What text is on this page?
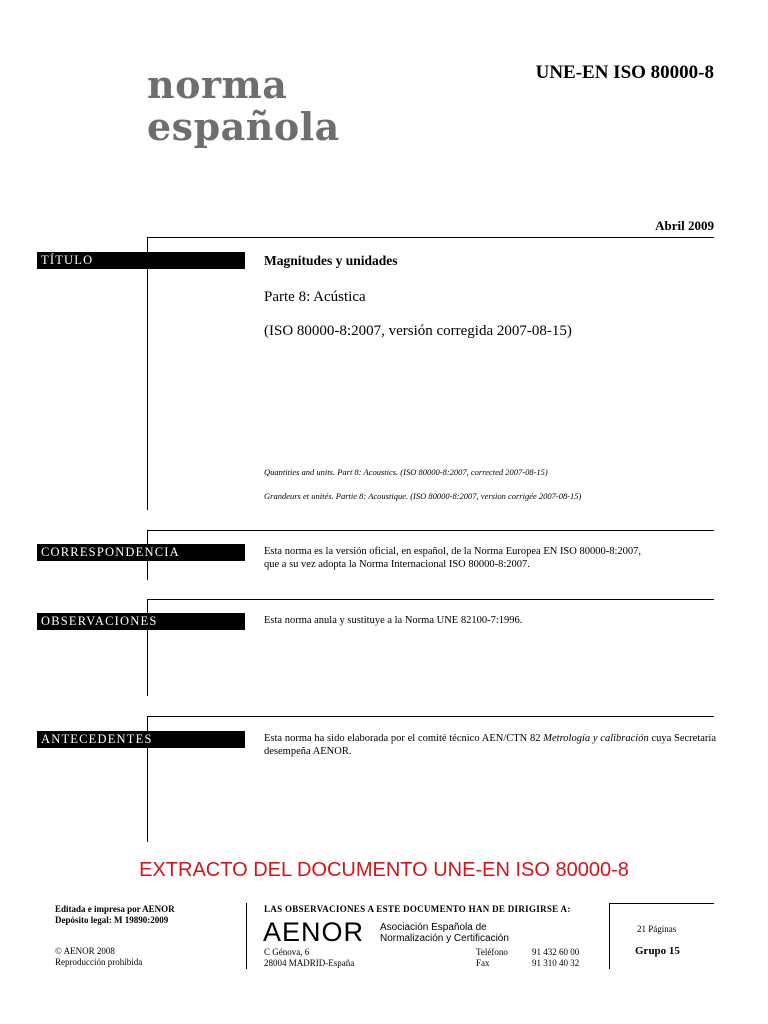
norma
española
UNE-EN ISO 80000-8
Abril 2009
TÍTULO	Magnitudes y unidades
Parte 8: Acústica
(ISO 80000-8:2007, versión corregida 2007-08-15)
Quantities and units. Part 8: Acoustics. (ISO 80000-8:2007, corrected 2007-08-15)
Grandeurs et unités. Partie 8: Acoustique. (ISO 80000-8:2007, version corrigée 2007-08-15)
CORRESPONDENCIA	Esta norma es la versión oficial, en español, de la Norma Europea EN ISO 80000-8:2007,
que a su vez adopta la Norma Internacional ISO 80000-8:2007.
OBSERVACIONES	Esta norma anula y sustituye a la Norma UNE 82100-7:1996.
ANTECEDENTES	Esta norma ha sido elaborada por el comité técnico AEN/CTN 82 Metrología y calibración cuya Secretaría desempeña AENOR.
EXTRACTO DEL DOCUMENTO UNE-EN ISO 80000-8
Editada e impresa por AENOR
Depósito legal: M 19890:2009
© AENOR 2008
Reproducción prohibida
LAS OBSERVACIONES A ESTE DOCUMENTO HAN DE DIRIGIRSE A:
AENOR Asociación Española de
Normalización y Certificación
C Génova, 6
28004 MADRID-España
Teléfono	91 432 60 00
Fax	91 310 40 32
21 Páginas
Grupo 15
